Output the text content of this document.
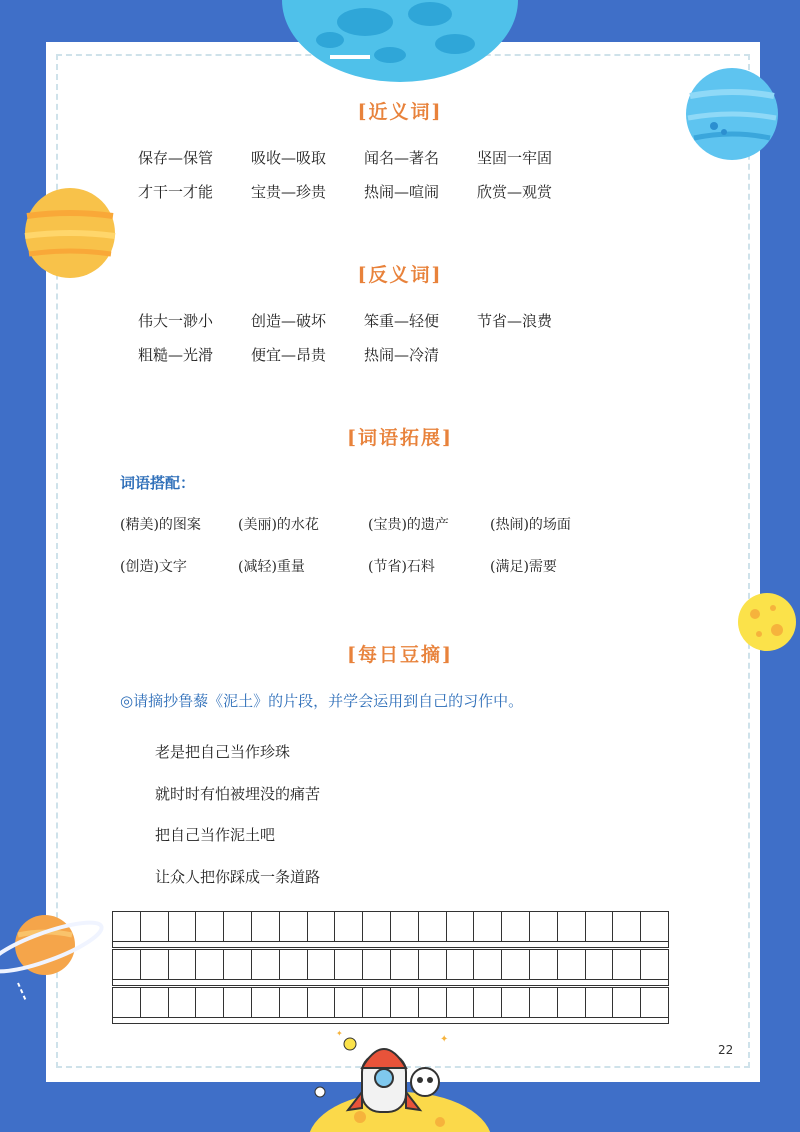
✦
✦
[近义词]
保存—保管	吸收—吸取	闻名—著名	坚固一牢固
才干一才能	宝贵—珍贵	热闹—喧闹	欣赏—观赏
[反义词]
伟大一渺小	创造—破坏	笨重—轻便	节省—浪费
粗糙—光滑	便宜—昂贵	热闹—冷清
[词语拓展]
词语搭配：
(精美)的图案	(美丽)的水花	(宝贵)的遗产	(热闹)的场面
(创造)文字	(减轻)重量	(节省)石料	(满足)需要
[每日豆摘]
◎请摘抄鲁藜《泥土》的片段，并学会运用到自己的习作中。
老是把自己当作珍珠
就时时有怕被埋没的痛苦
把自己当作泥土吧
让众人把你踩成一条道路
22
